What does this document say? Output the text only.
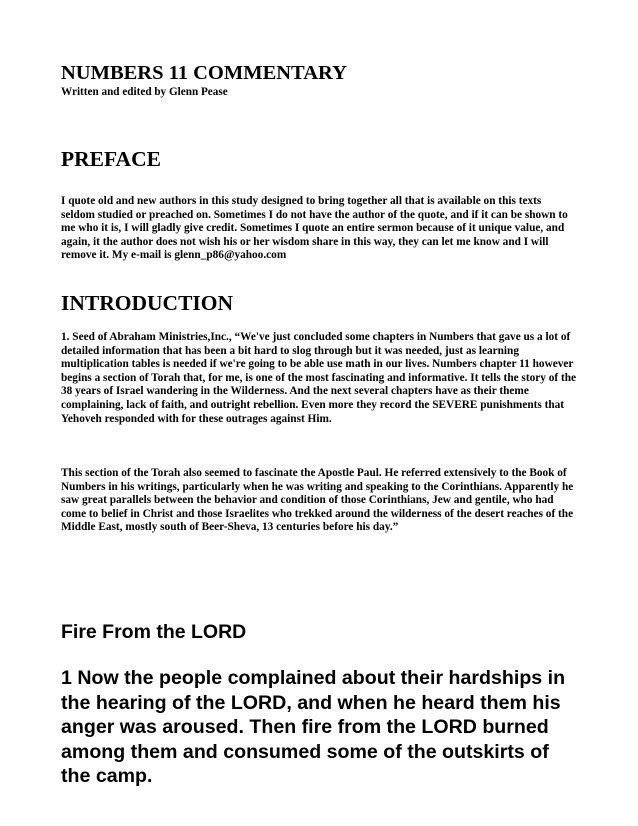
NUMBERS 11 COMMENTARY

Written and edited by Glenn Pease

PREFACE

I quote old and new authors in this study designed to bring together all that is available on this texts seldom studied or preached on. Sometimes I do not have the author of the quote, and if it can be shown to me who it is, I will gladly give credit. Sometimes I quote an entire sermon because of it unique value, and again, it the author does not wish his or her wisdom share in this way, they can let me know and I will remove it. My e-mail is glenn_p86@yahoo.com

INTRODUCTION

1. Seed of Abraham Ministries,Inc., “We've just concluded some chapters in Numbers that gave us a lot of detailed information that has been a bit hard to slog through but it was needed, just as learning multiplication tables is needed if we're going to be able use math in our lives. Numbers chapter 11 however begins a section of Torah that, for me, is one of the most fascinating and informative. It tells the story of the 38 years of Israel wandering in the Wilderness. And the next several chapters have as their theme complaining, lack of faith, and outright rebellion. Even more they record the SEVERE punishments that Yehoveh responded with for these outrages against Him.

This section of the Torah also seemed to fascinate the Apostle Paul. He referred extensively to the Book of Numbers in his writings, particularly when he was writing and speaking to the Corinthians. Apparently he saw great parallels between the behavior and condition of those Corinthians, Jew and gentile, who had come to belief in Christ and those Israelites who trekked around the wilderness of the desert reaches of the Middle East, mostly south of Beer-Sheva, 13 centuries before his day.”

Fire From the LORD

1 Now the people complained about their hardships in the hearing of the LORD, and when he heard them his anger was aroused. Then fire from the LORD burned among them and consumed some of the outskirts of the camp.
